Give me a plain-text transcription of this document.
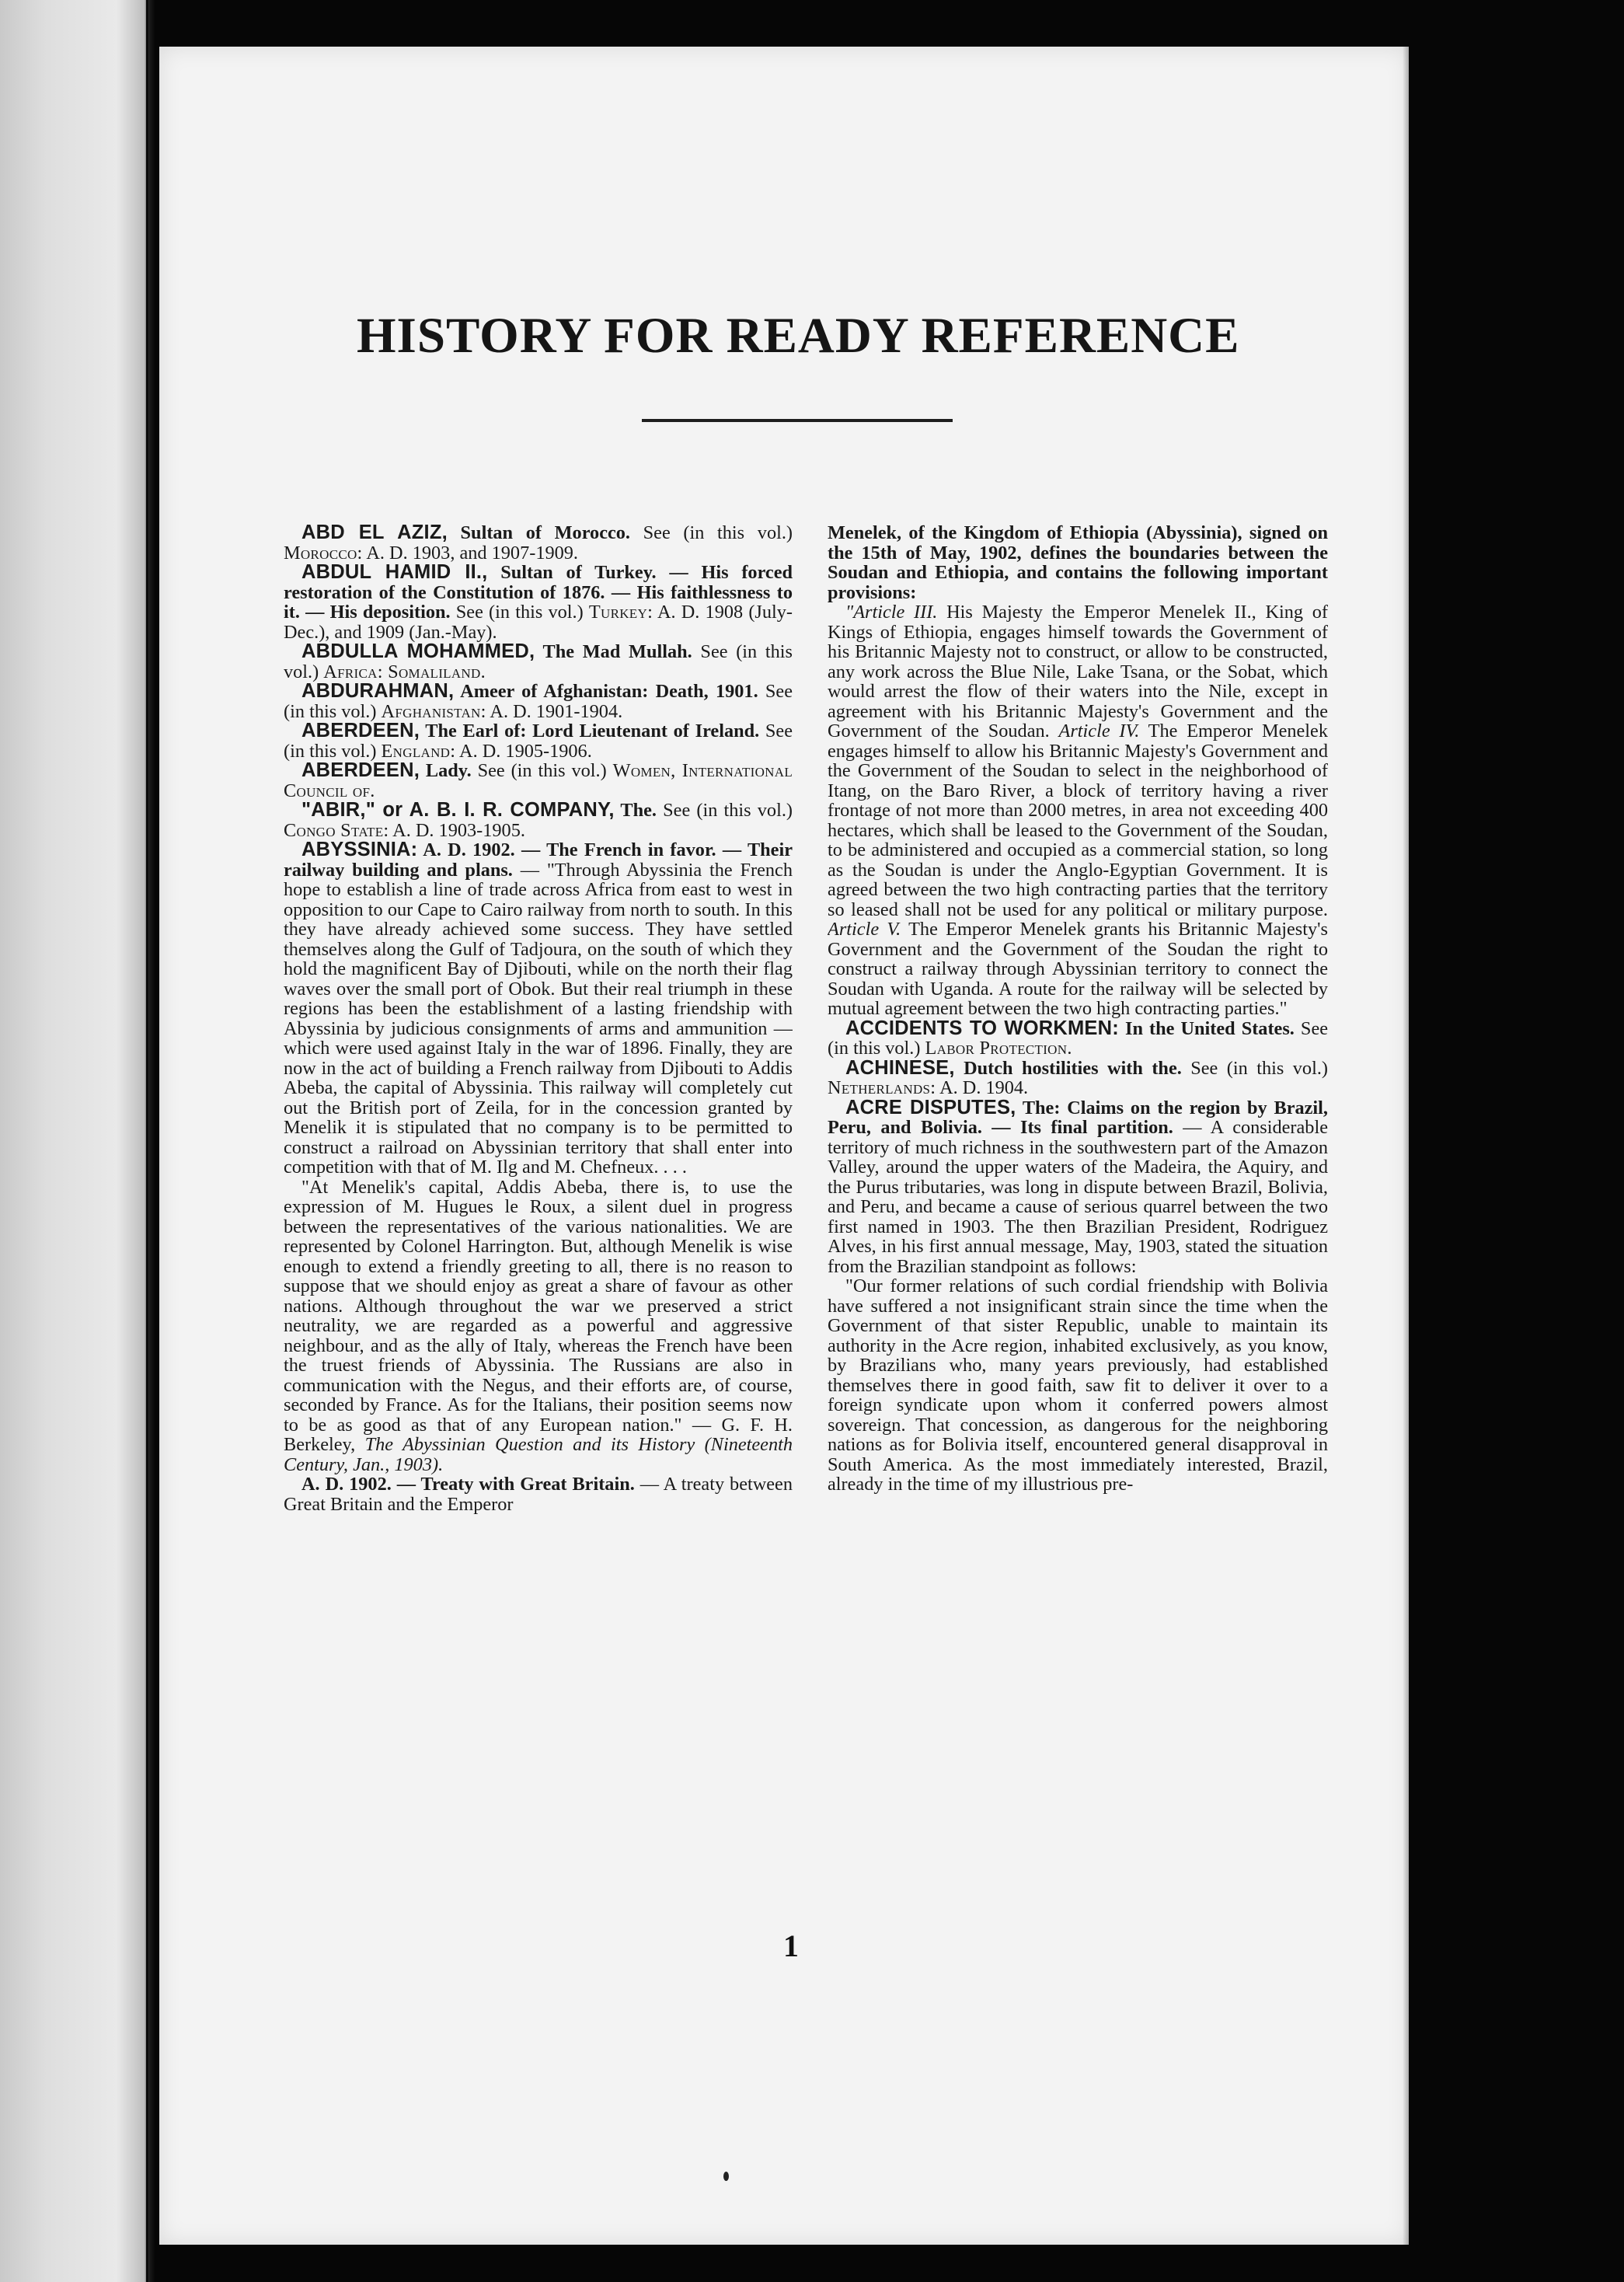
HISTORY FOR READY REFERENCE

ABD EL AZIZ, Sultan of Morocco. See (in this vol.) Morocco: A. D. 1903, and 1907-1909.

ABDUL HAMID II., Sultan of Turkey. — His forced restoration of the Constitution of 1876. — His faithlessness to it. — His deposition. See (in this vol.) Turkey: A. D. 1908 (July-Dec.), and 1909 (Jan.-May).

ABDULLA MOHAMMED, The Mad Mullah. See (in this vol.) Africa: Somaliland.

ABDURAHMAN, Ameer of Afghanistan: Death, 1901. See (in this vol.) Afghanistan: A. D. 1901-1904.

ABERDEEN, The Earl of: Lord Lieutenant of Ireland. See (in this vol.) England: A. D. 1905-1906.

ABERDEEN, Lady. See (in this vol.) Women, International Council of.

"ABIR," or A. B. I. R. COMPANY, The. See (in this vol.) Congo State: A. D. 1903-1905.

ABYSSINIA: A. D. 1902. — The French in favor. — Their railway building and plans. — "Through Abyssinia the French hope to establish a line of trade across Africa from east to west in opposition to our Cape to Cairo railway from north to south. In this they have already achieved some success. They have settled themselves along the Gulf of Tadjoura, on the south of which they hold the magnificent Bay of Djibouti, while on the north their flag waves over the small port of Obok. But their real triumph in these regions has been the establishment of a lasting friendship with Abyssinia by judicious consignments of arms and ammunition — which were used against Italy in the war of 1896. Finally, they are now in the act of building a French railway from Djibouti to Addis Abeba, the capital of Abyssinia. This railway will completely cut out the British port of Zeila, for in the concession granted by Menelik it is stipulated that no company is to be permitted to construct a railroad on Abyssinian territory that shall enter into competition with that of M. Ilg and M. Chefneux. . . .

"At Menelik's capital, Addis Abeba, there is, to use the expression of M. Hugues le Roux, a silent duel in progress between the representatives of the various nationalities. We are represented by Colonel Harrington. But, although Menelik is wise enough to extend a friendly greeting to all, there is no reason to suppose that we should enjoy as great a share of favour as other nations. Although throughout the war we preserved a strict neutrality, we are regarded as a powerful and aggressive neighbour, and as the ally of Italy, whereas the French have been the truest friends of Abyssinia. The Russians are also in communication with the Negus, and their efforts are, of course, seconded by France. As for the Italians, their position seems now to be as good as that of any European nation." — G. F. H. Berkeley, The Abyssinian Question and its History (Nineteenth Century, Jan., 1903).

A. D. 1902. — Treaty with Great Britain. — A treaty between Great Britain and the Emperor

Menelek, of the Kingdom of Ethiopia (Abyssinia), signed on the 15th of May, 1902, defines the boundaries between the Soudan and Ethiopia, and contains the following important provisions:

"Article III. His Majesty the Emperor Menelek II., King of Kings of Ethiopia, engages himself towards the Government of his Britannic Majesty not to construct, or allow to be constructed, any work across the Blue Nile, Lake Tsana, or the Sobat, which would arrest the flow of their waters into the Nile, except in agreement with his Britannic Majesty's Government and the Government of the Soudan. Article IV. The Emperor Menelek engages himself to allow his Britannic Majesty's Government and the Government of the Soudan to select in the neighborhood of Itang, on the Baro River, a block of territory having a river frontage of not more than 2000 metres, in area not exceeding 400 hectares, which shall be leased to the Government of the Soudan, to be administered and occupied as a commercial station, so long as the Soudan is under the Anglo-Egyptian Government. It is agreed between the two high contracting parties that the territory so leased shall not be used for any political or military purpose. Article V. The Emperor Menelek grants his Britannic Majesty's Government and the Government of the Soudan the right to construct a railway through Abyssinian territory to connect the Soudan with Uganda. A route for the railway will be selected by mutual agreement between the two high contracting parties."

ACCIDENTS TO WORKMEN: In the United States. See (in this vol.) Labor Protection.

ACHINESE, Dutch hostilities with the. See (in this vol.) Netherlands: A. D. 1904.

ACRE DISPUTES, The: Claims on the region by Brazil, Peru, and Bolivia. — Its final partition. — A considerable territory of much richness in the southwestern part of the Amazon Valley, around the upper waters of the Madeira, the Aquiry, and the Purus tributaries, was long in dispute between Brazil, Bolivia, and Peru, and became a cause of serious quarrel between the two first named in 1903. The then Brazilian President, Rodriguez Alves, in his first annual message, May, 1903, stated the situation from the Brazilian standpoint as follows:

"Our former relations of such cordial friendship with Bolivia have suffered a not insignificant strain since the time when the Government of that sister Republic, unable to maintain its authority in the Acre region, inhabited exclusively, as you know, by Brazilians who, many years previously, had established themselves there in good faith, saw fit to deliver it over to a foreign syndicate upon whom it conferred powers almost sovereign. That concession, as dangerous for the neighboring nations as for Bolivia itself, encountered general disapproval in South America. As the most immediately interested, Brazil, already in the time of my illustrious pre-

1
